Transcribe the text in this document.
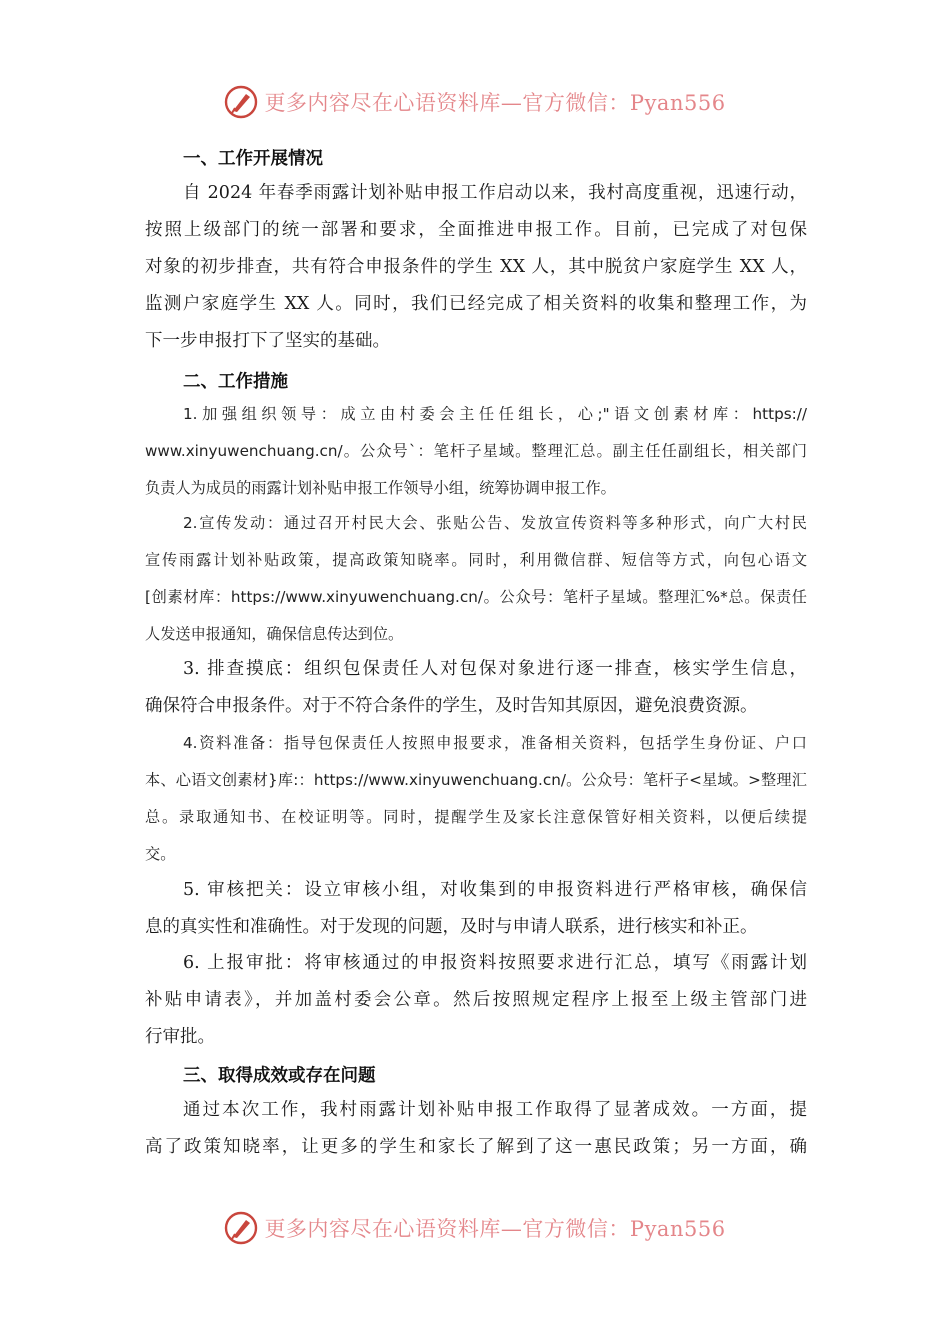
更多内容尽在心语资料库—官方微信：Pyan556
一、工作开展情况
自 2024 年春季雨露计划补贴申报工作启动以来，我村高度重视，迅速行动，
按照上级部门的统一部署和要求，全面推进申报工作。目前，已完成了对包保
对象的初步排查，共有符合申报条件的学生 XX 人，其中脱贫户家庭学生 XX 人，
监测户家庭学生 XX 人。同时，我们已经完成了相关资料的收集和整理工作，为
下一步申报打下了坚实的基础。
二、工作措施
1.加强组织领导：成立由村委会主任任组长，心;"语文创素材库：https://
www.xinyuwenchuang.cn/。公众号`：笔杆子星域。整理汇总。副主任任副组长，相关部门
负责人为成员的雨露计划补贴申报工作领导小组，统筹协调申报工作。
2.宣传发动：通过召开村民大会、张贴公告、发放宣传资料等多种形式，向广大村民
宣传雨露计划补贴政策，提高政策知晓率。同时，利用微信群、短信等方式，向包心语文
[创素材库：https://www.xinyuwenchuang.cn/。公众号：笔杆子星域。整理汇%*总。保责任
人发送申报通知，确保信息传达到位。
3. 排查摸底：组织包保责任人对包保对象进行逐一排查，核实学生信息，
确保符合申报条件。对于不符合条件的学生，及时告知其原因，避免浪费资源。
4.资料准备：指导包保责任人按照申报要求，准备相关资料，包括学生身份证、户口
本、心语文创素材}库:：https://www.xinyuwenchuang.cn/。公众号：笔杆子<星域。>整理汇
总。录取通知书、在校证明等。同时，提醒学生及家长注意保管好相关资料，以便后续提
交。
5. 审核把关：设立审核小组，对收集到的申报资料进行严格审核，确保信
息的真实性和准确性。对于发现的问题，及时与申请人联系，进行核实和补正。
6. 上报审批：将审核通过的申报资料按照要求进行汇总，填写《雨露计划
补贴申请表》，并加盖村委会公章。然后按照规定程序上报至上级主管部门进
行审批。
三、取得成效或存在问题
通过本次工作，我村雨露计划补贴申报工作取得了显著成效。一方面，提
高了政策知晓率，让更多的学生和家长了解到了这一惠民政策；另一方面，确
更多内容尽在心语资料库—官方微信：Pyan556
